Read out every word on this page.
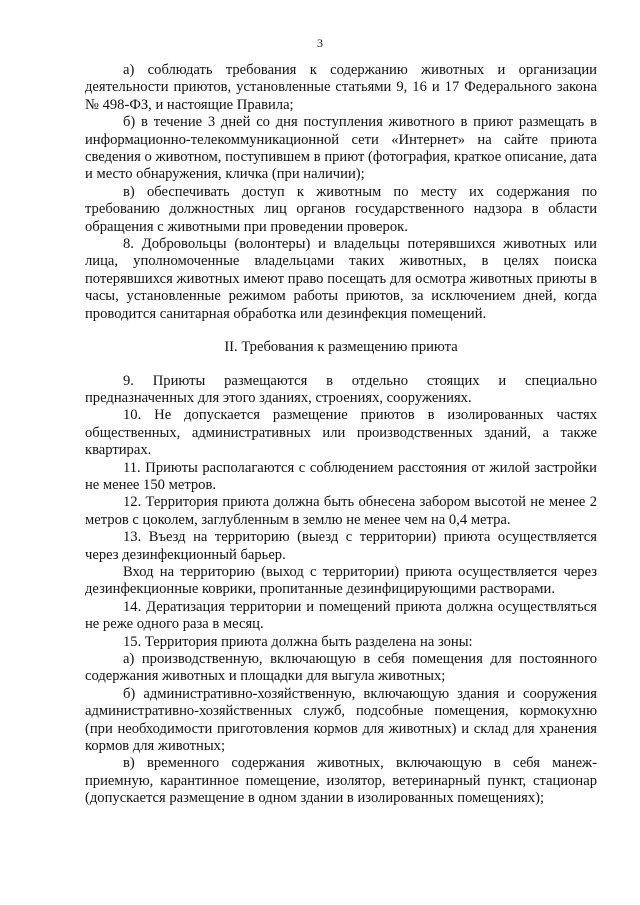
3

а) соблюдать требования к содержанию животных и организации деятельности приютов, установленные статьями 9, 16 и 17 Федерального закона № 498-ФЗ, и настоящие Правила;

б) в течение 3 дней со дня поступления животного в приют размещать в информационно-телекоммуникационной сети «Интернет» на сайте приюта сведения о животном, поступившем в приют (фотография, краткое описание, дата и место обнаружения, кличка (при наличии);

в) обеспечивать доступ к животным по месту их содержания по требованию должностных лиц органов государственного надзора в области обращения с животными при проведении проверок.

8. Добровольцы (волонтеры) и владельцы потерявшихся животных или лица, уполномоченные владельцами таких животных, в целях поиска потерявшихся животных имеют право посещать для осмотра животных приюты в часы, установленные режимом работы приютов, за исключением дней, когда проводится санитарная обработка или дезинфекция помещений.

II. Требования к размещению приюта

9. Приюты размещаются в отдельно стоящих и специально предназначенных для этого зданиях, строениях, сооружениях.

10. Не допускается размещение приютов в изолированных частях общественных, административных или производственных зданий, а также квартирах.

11. Приюты располагаются с соблюдением расстояния от жилой застройки не менее 150 метров.

12. Территория приюта должна быть обнесена забором высотой не менее 2 метров с цоколем, заглубленным в землю не менее чем на 0,4 метра.

13. Въезд на территорию (выезд с территории) приюта осуществляется через дезинфекционный барьер.

Вход на территорию (выход с территории) приюта осуществляется через дезинфекционные коврики, пропитанные дезинфицирующими растворами.

14. Дератизация территории и помещений приюта должна осуществляться не реже одного раза в месяц.

15. Территория приюта должна быть разделена на зоны:

а) производственную, включающую в себя помещения для постоянного содержания животных и площадки для выгула животных;

б) административно-хозяйственную, включающую здания и сооружения административно-хозяйственных служб, подсобные помещения, кормокухню (при необходимости приготовления кормов для животных) и склад для хранения кормов для животных;

в) временного содержания животных, включающую в себя манеж-приемную, карантинное помещение, изолятор, ветеринарный пункт, стационар (допускается размещение в одном здании в изолированных помещениях);
